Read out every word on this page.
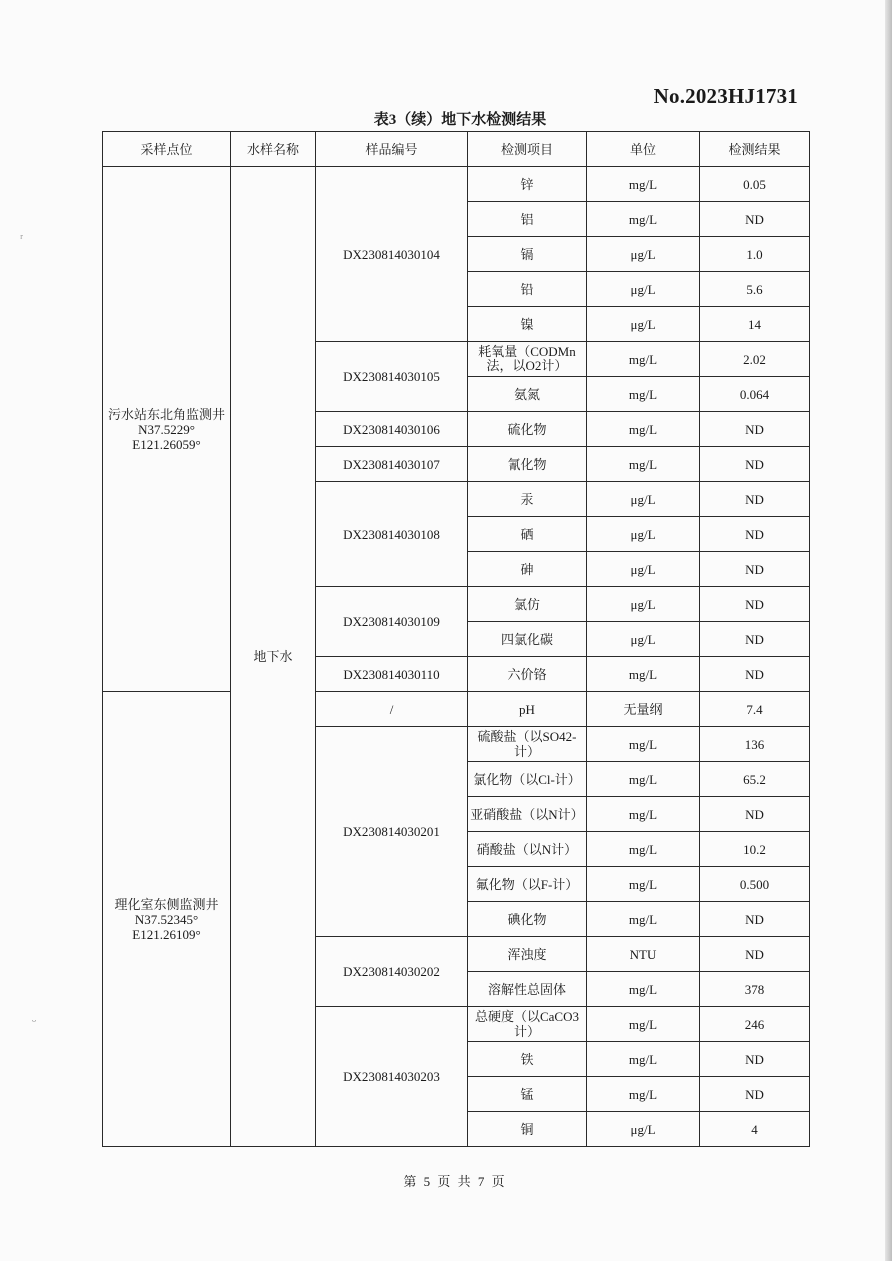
ʳ
ᵕ
No.2023HJ1731
表3（续）地下水检测结果
采样点位	水样名称	样品编号	检测项目	单位	检测结果

污水站东北角监测井
N37.5229°
E121.26059°	地下水	DX230814030104	锌	mg/L	0.05
			铝	mg/L	ND
			镉	μg/L	1.0
			铅	μg/L	5.6
			镍	μg/L	14
		DX230814030105	耗氧量（CODMn法，以O2计）	mg/L	2.02
			氨氮	mg/L	0.064
		DX230814030106	硫化物	mg/L	ND
		DX230814030107	氰化物	mg/L	ND
		DX230814030108	汞	μg/L	ND
			硒	μg/L	ND
			砷	μg/L	ND
		DX230814030109	氯仿	μg/L	ND
			四氯化碳	μg/L	ND
		DX230814030110	六价铬	mg/L	ND

理化室东侧监测井
N37.52345°
E121.26109°		/	pH	无量纲	7.4
		DX230814030201	硫酸盐（以SO42-计）	mg/L	136
			氯化物（以Cl-计）	mg/L	65.2
			亚硝酸盐（以N计）	mg/L	ND
			硝酸盐（以N计）	mg/L	10.2
			氟化物（以F-计）	mg/L	0.500
			碘化物	mg/L	ND
		DX230814030202	浑浊度	NTU	ND
			溶解性总固体	mg/L	378
		DX230814030203	总硬度（以CaCO3计）	mg/L	246
			铁	mg/L	ND
			锰	mg/L	ND
			铜	μg/L	4
第 5 页 共 7 页
